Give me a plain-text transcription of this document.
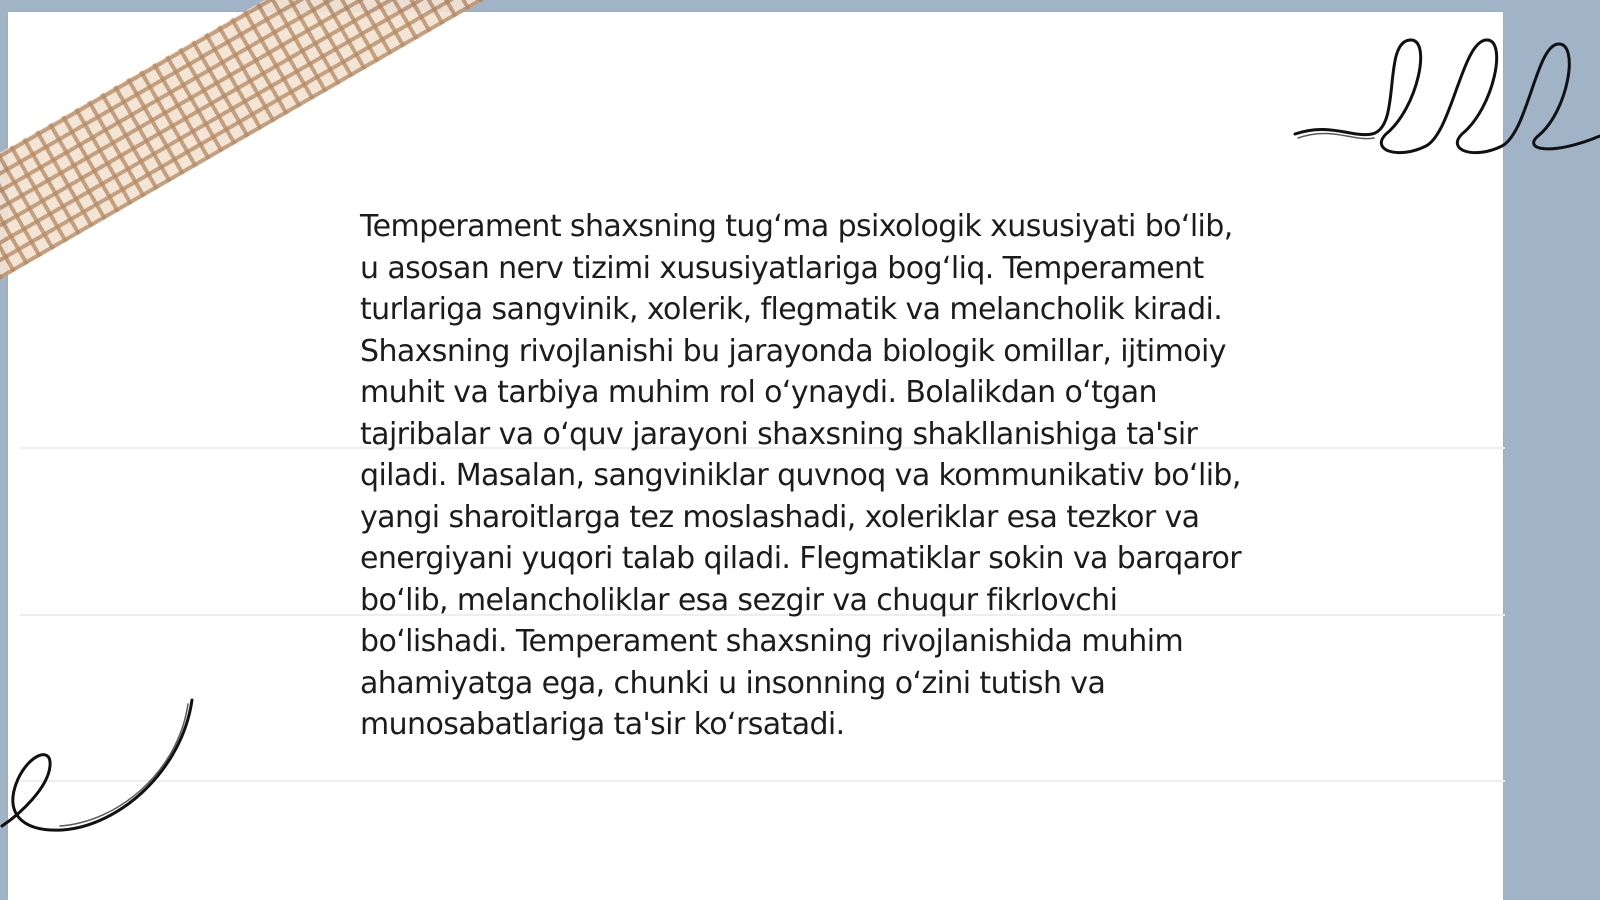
Temperament shaxsning tug‘ma psixologik xususiyati bo‘lib, u asosan nerv tizimi xususiyatlariga bog‘liq. Temperament turlariga sangvinik, xolerik, flegmatik va melancholik kiradi. Shaxsning rivojlanishi bu jarayonda biologik omillar, ijtimoiy muhit va tarbiya muhim rol o‘ynaydi. Bolalikdan o‘tgan tajribalar va o‘quv jarayoni shaxsning shakllanishiga ta'sir qiladi. Masalan, sangviniklar quvnoq va kommunikativ bo‘lib, yangi sharoitlarga tez moslashadi, xoleriklar esa tezkor va energiyani yuqori talab qiladi. Flegmatiklar sokin va barqaror bo‘lib, melancholiklar esa sezgir va chuqur fikrlovchi bo‘lishadi. Temperament shaxsning rivojlanishida muhim ahamiyatga ega, chunki u insonning o‘zini tutish va munosabatlariga ta'sir ko‘rsatadi.
